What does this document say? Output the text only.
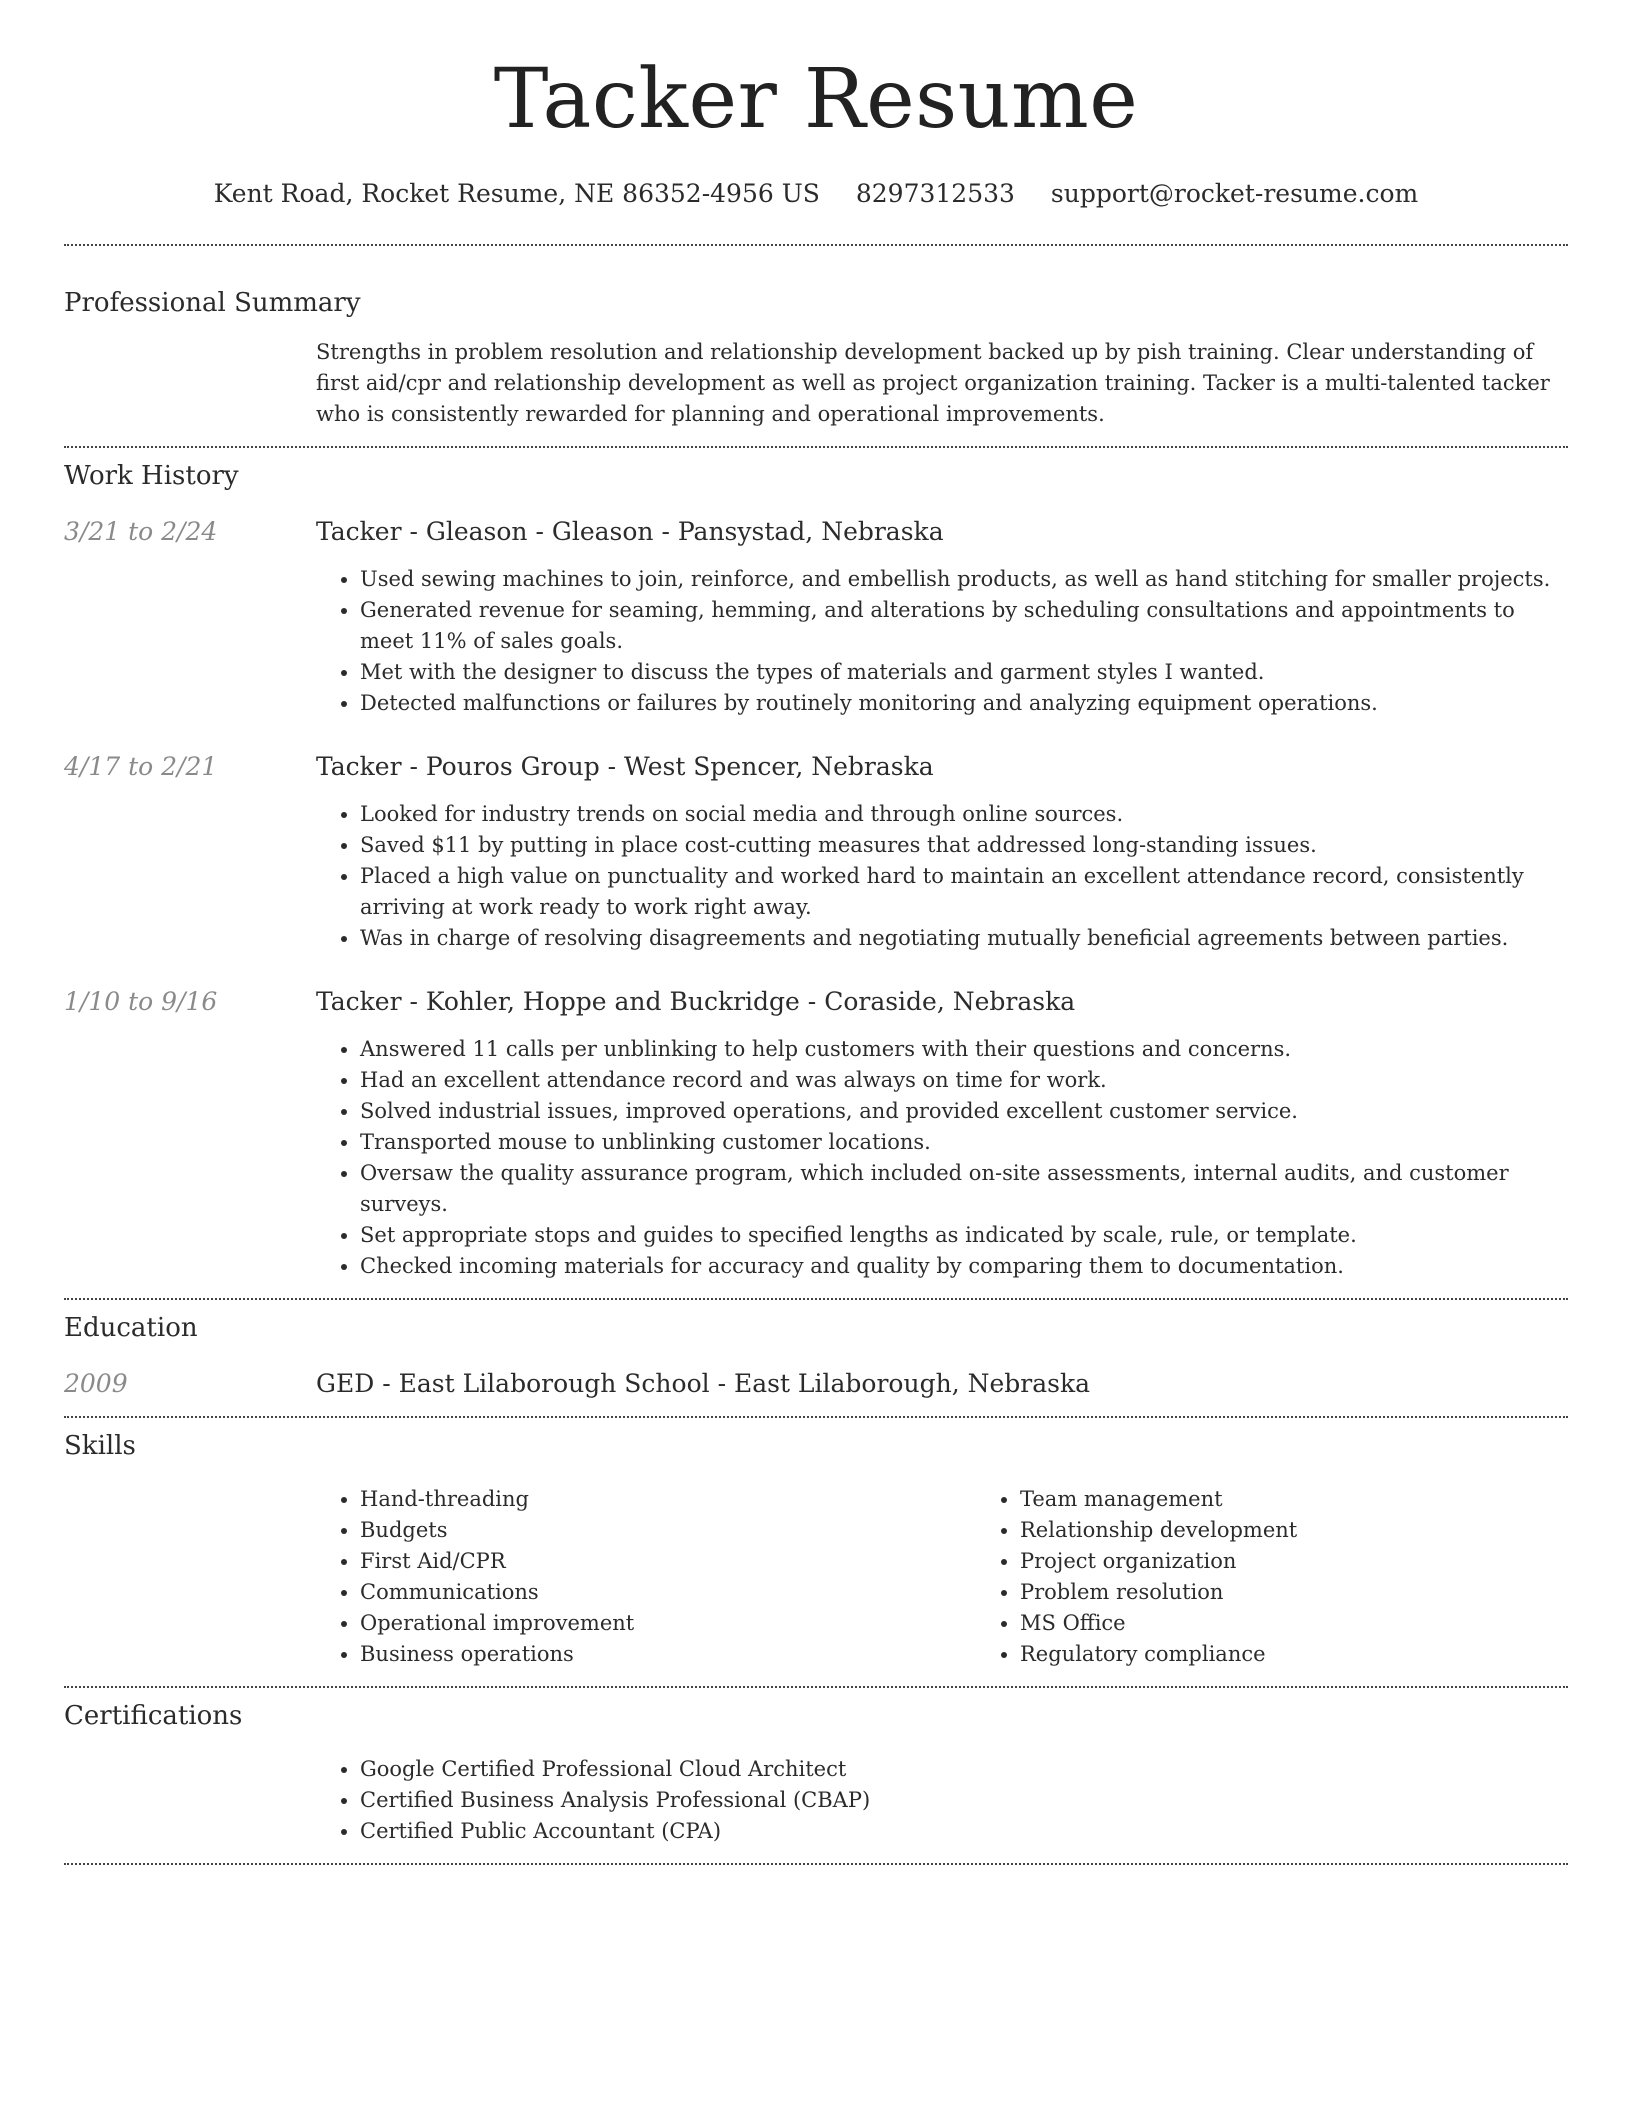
Tacker Resume
Kent Road, Rocket Resume, NE 86352-4956 US 8297312533 support@rocket-resume.com
Professional Summary

Strengths in problem resolution and relationship development backed up by pish training. Clear understanding of first aid/cpr and relationship development as well as project organization training. Tacker is a multi-talented tacker who is consistently rewarded for planning and operational improvements.

Work History
3/21 to 2/24	Tacker - Gleason - Gleason - Pansystad, Nebraska
• Used sewing machines to join, reinforce, and embellish products, as well as hand stitching for smaller projects.
• Generated revenue for seaming, hemming, and alterations by scheduling consultations and appointments to meet 11% of sales goals.
• Met with the designer to discuss the types of materials and garment styles I wanted.
• Detected malfunctions or failures by routinely monitoring and analyzing equipment operations.
4/17 to 2/21	Tacker - Pouros Group - West Spencer, Nebraska
• Looked for industry trends on social media and through online sources.
• Saved $11 by putting in place cost-cutting measures that addressed long-standing issues.
• Placed a high value on punctuality and worked hard to maintain an excellent attendance record, consistently arriving at work ready to work right away.
• Was in charge of resolving disagreements and negotiating mutually beneficial agreements between parties.
1/10 to 9/16	Tacker - Kohler, Hoppe and Buckridge - Coraside, Nebraska
• Answered 11 calls per unblinking to help customers with their questions and concerns.
• Had an excellent attendance record and was always on time for work.
• Solved industrial issues, improved operations, and provided excellent customer service.
• Transported mouse to unblinking customer locations.
• Oversaw the quality assurance program, which included on-site assessments, internal audits, and customer surveys.
• Set appropriate stops and guides to specified lengths as indicated by scale, rule, or template.
• Checked incoming materials for accuracy and quality by comparing them to documentation.
Education
2009	GED - East Lilaborough School - East Lilaborough, Nebraska
Skills
• Hand-threading
• Budgets
• First Aid/CPR
• Communications
• Operational improvement
• Business operations
• Team management
• Relationship development
• Project organization
• Problem resolution
• MS Office
• Regulatory compliance
Certifications
• Google Certified Professional Cloud Architect
• Certified Business Analysis Professional (CBAP)
• Certified Public Accountant (CPA)
